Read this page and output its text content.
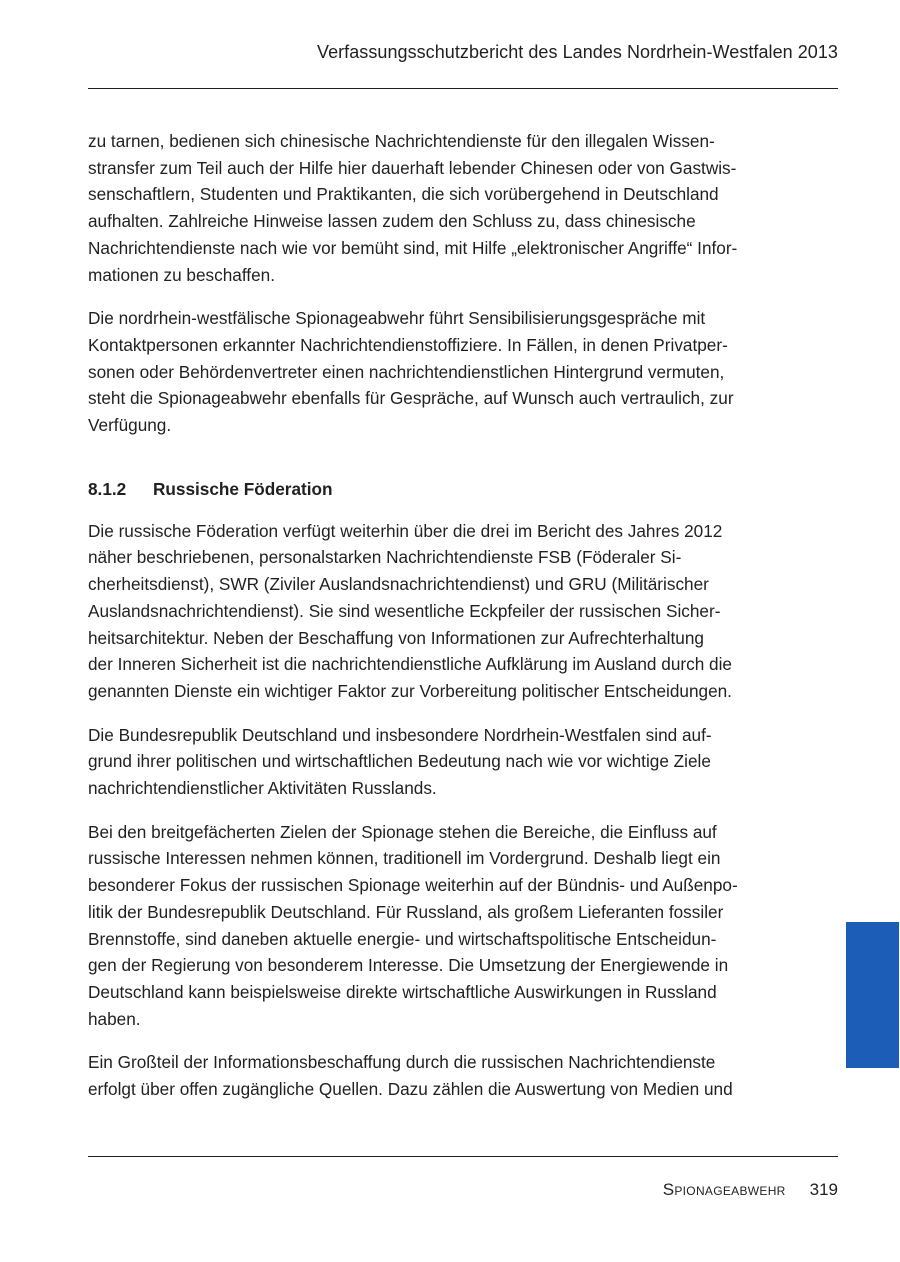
Verfassungsschutzbericht des Landes Nordrhein-Westfalen 2013

zu tarnen, bedienen sich chinesische Nachrichtendienste für den illegalen Wissen-
stransfer zum Teil auch der Hilfe hier dauerhaft lebender Chinesen oder von Gastwis-
senschaftlern, Studenten und Praktikanten, die sich vorübergehend in Deutschland
aufhalten. Zahlreiche Hinweise lassen zudem den Schluss zu, dass chinesische
Nachrichtendienste nach wie vor bemüht sind, mit Hilfe „elektronischer Angriffe“ Infor-
mationen zu beschaffen.

Die nordrhein-westfälische Spionageabwehr führt Sensibilisierungsgespräche mit
Kontaktpersonen erkannter Nachrichtendienstoffiziere. In Fällen, in denen Privatper-
sonen oder Behördenvertreter einen nachrichtendienstlichen Hintergrund vermuten,
steht die Spionageabwehr ebenfalls für Gespräche, auf Wunsch auch vertraulich, zur
Verfügung.

8.1.2 Russische Föderation

Die russische Föderation verfügt weiterhin über die drei im Bericht des Jahres 2012
näher beschriebenen, personalstarken Nachrichtendienste FSB (Föderaler Si-
cherheitsdienst), SWR (Ziviler Auslandsnachrichtendienst) und GRU (Militärischer
Auslandsnachrichtendienst). Sie sind wesentliche Eckpfeiler der russischen Sicher-
heitsarchitektur. Neben der Beschaffung von Informationen zur Aufrechterhaltung
der Inneren Sicherheit ist die nachrichtendienstliche Aufklärung im Ausland durch die
genannten Dienste ein wichtiger Faktor zur Vorbereitung politischer Entscheidungen.

Die Bundesrepublik Deutschland und insbesondere Nordrhein-Westfalen sind auf-
grund ihrer politischen und wirtschaftlichen Bedeutung nach wie vor wichtige Ziele
nachrichtendienstlicher Aktivitäten Russlands.

Bei den breitgefächerten Zielen der Spionage stehen die Bereiche, die Einfluss auf
russische Interessen nehmen können, traditionell im Vordergrund. Deshalb liegt ein
besonderer Fokus der russischen Spionage weiterhin auf der Bündnis- und Außenpo-
litik der Bundesrepublik Deutschland. Für Russland, als großem Lieferanten fossiler
Brennstoffe, sind daneben aktuelle energie- und wirtschaftspolitische Entscheidun-
gen der Regierung von besonderem Interesse. Die Umsetzung der Energiewende in
Deutschland kann beispielsweise direkte wirtschaftliche Auswirkungen in Russland
haben.

Ein Großteil der Informationsbeschaffung durch die russischen Nachrichtendienste
erfolgt über offen zugängliche Quellen. Dazu zählen die Auswertung von Medien und

Spionageabwehr 319
